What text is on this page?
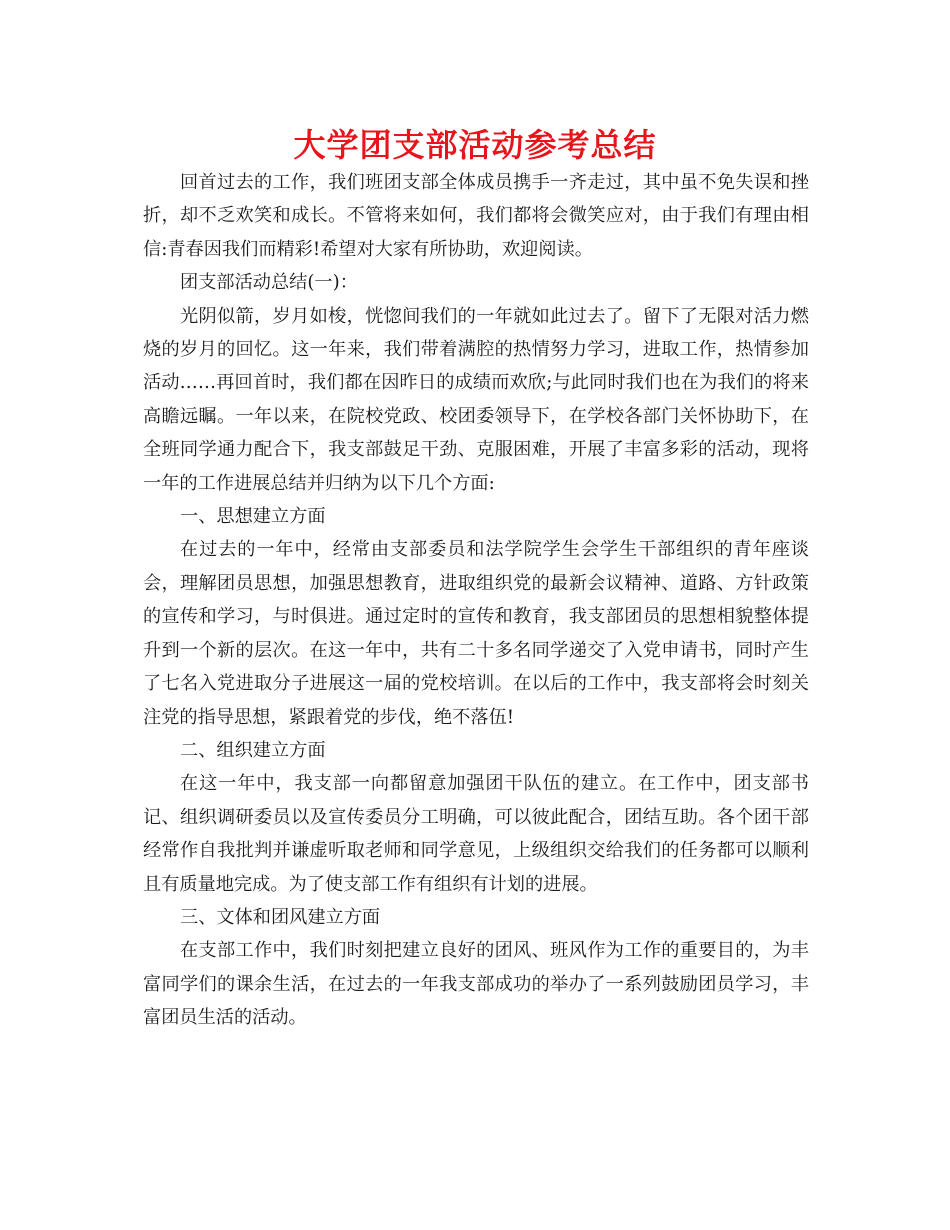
大学团支部活动参考总结

回首过去的工作，我们班团支部全体成员携手一齐走过，其中虽不免失误和挫折，却不乏欢笑和成长。不管将来如何，我们都将会微笑应对，由于我们有理由相信:青春因我们而精彩!希望对大家有所协助，欢迎阅读。

团支部活动总结(一)：

光阴似箭，岁月如梭，恍惚间我们的一年就如此过去了。留下了无限对活力燃烧的岁月的回忆。这一年来，我们带着满腔的热情努力学习，进取工作，热情参加活动……再回首时，我们都在因昨日的成绩而欢欣;与此同时我们也在为我们的将来高瞻远瞩。一年以来，在院校党政、校团委领导下，在学校各部门关怀协助下，在全班同学通力配合下，我支部鼓足干劲、克服困难，开展了丰富多彩的活动，现将一年的工作进展总结并归纳为以下几个方面:

一、思想建立方面

在过去的一年中，经常由支部委员和法学院学生会学生干部组织的青年座谈会，理解团员思想，加强思想教育，进取组织党的最新会议精神、道路、方针政策的宣传和学习，与时俱进。通过定时的宣传和教育，我支部团员的思想相貌整体提升到一个新的层次。在这一年中，共有二十多名同学递交了入党申请书，同时产生了七名入党进取分子进展这一届的党校培训。在以后的工作中，我支部将会时刻关注党的指导思想，紧跟着党的步伐，绝不落伍!

二、组织建立方面

在这一年中，我支部一向都留意加强团干队伍的建立。在工作中，团支部书记、组织调研委员以及宣传委员分工明确，可以彼此配合，团结互助。各个团干部经常作自我批判并谦虚听取老师和同学意见，上级组织交给我们的任务都可以顺利且有质量地完成。为了使支部工作有组织有计划的进展。

三、文体和团风建立方面

在支部工作中，我们时刻把建立良好的团风、班风作为工作的重要目的，为丰富同学们的课余生活，在过去的一年我支部成功的举办了一系列鼓励团员学习，丰富团员生活的活动。
